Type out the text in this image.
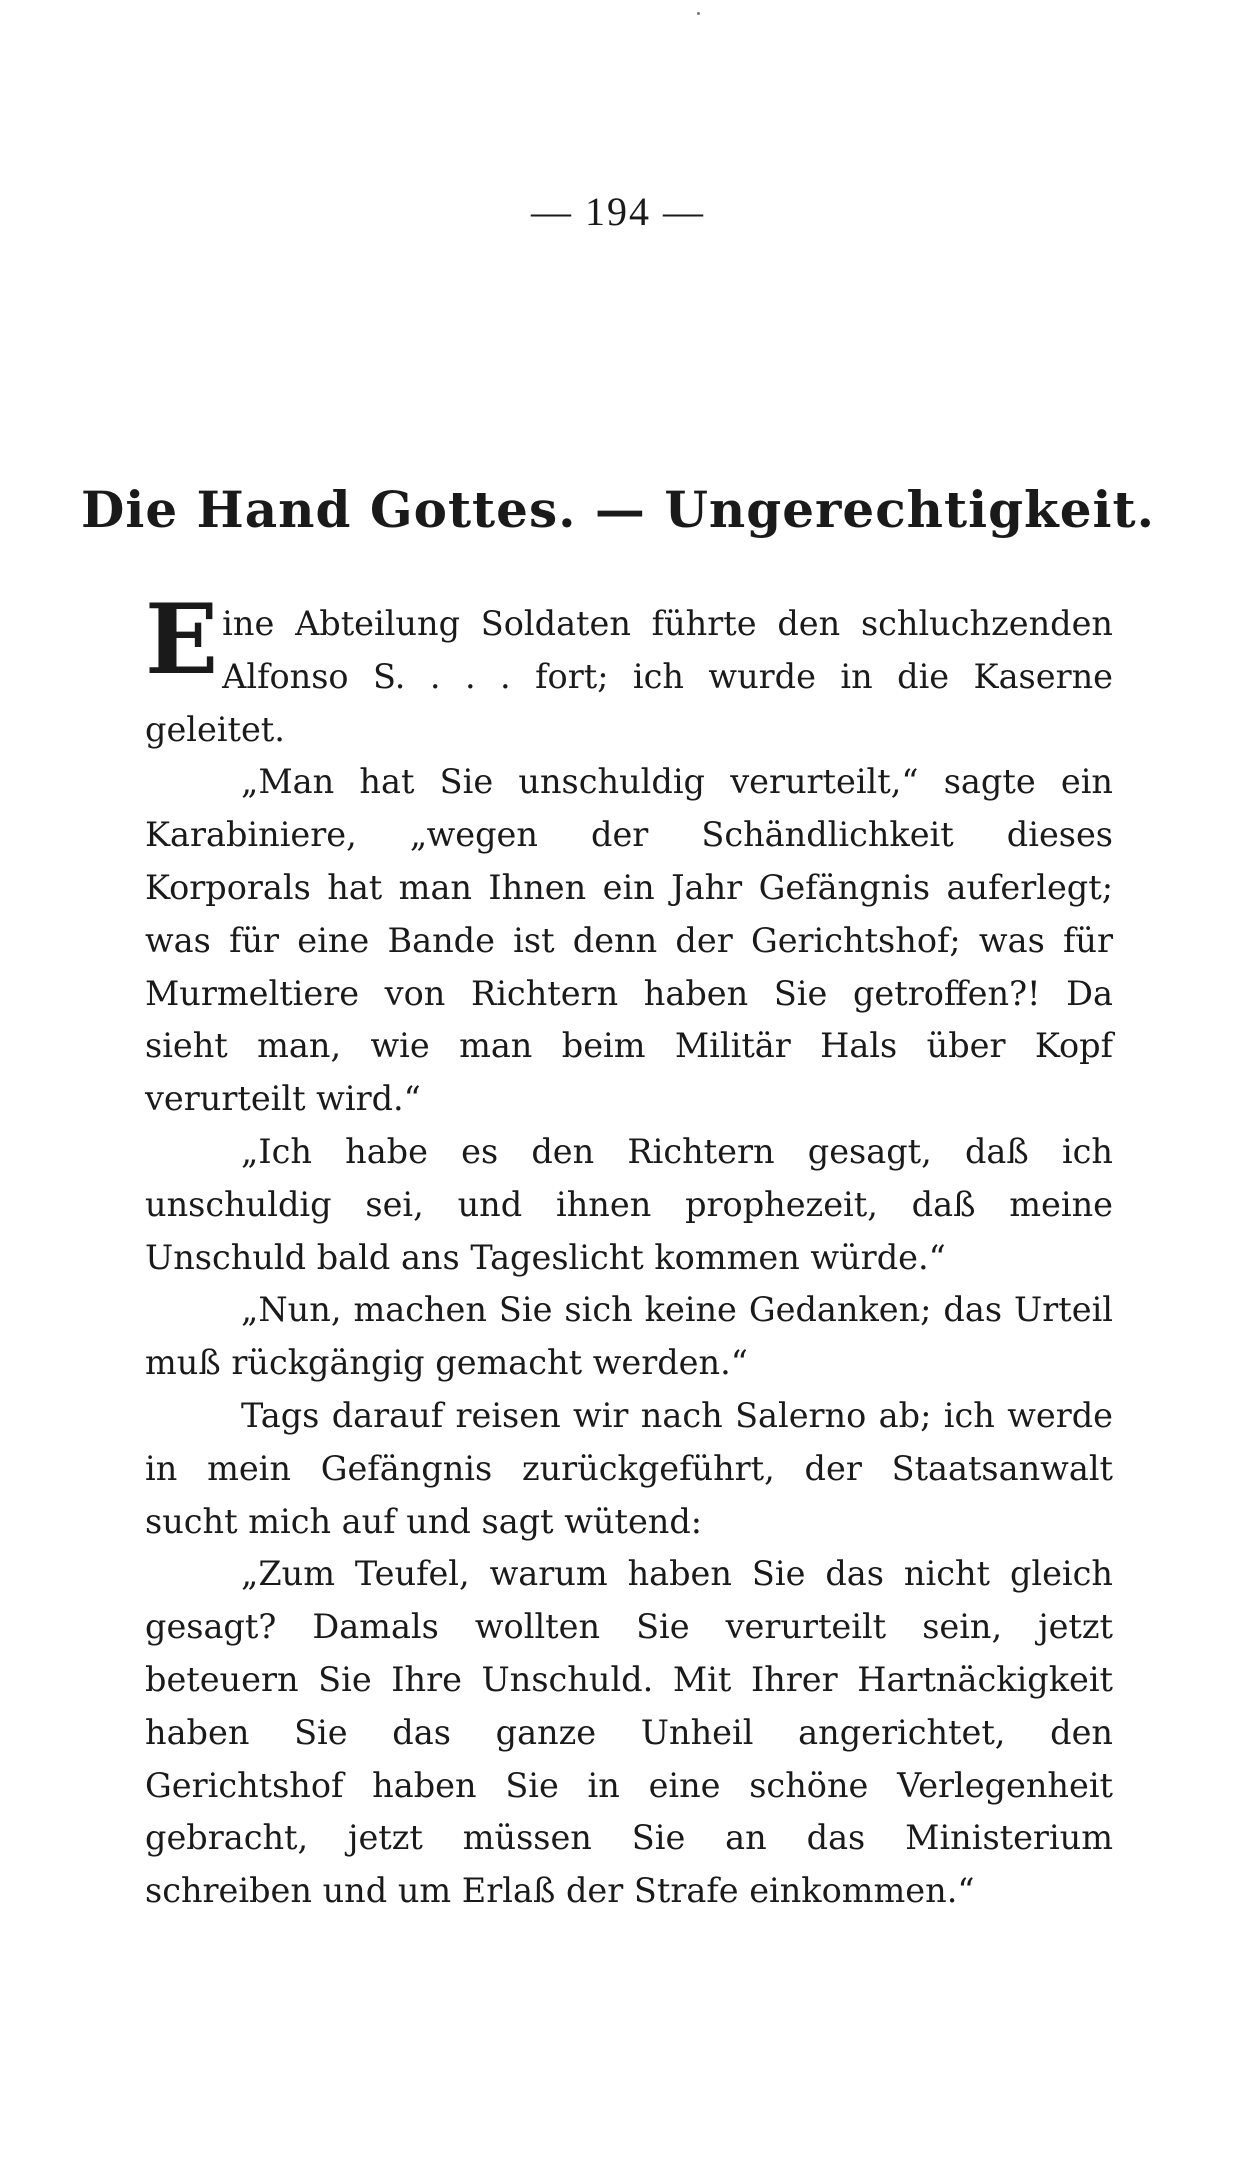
— 194 —
Die Hand Gottes. — Ungerechtigkeit.

Eine Abteilung Soldaten führte den schluchzenden Alfonso S. . . . fort; ich wurde in die Kaserne geleitet.

„Man hat Sie unschuldig verurteilt,“ sagte ein Karabiniere, „wegen der Schändlichkeit dieses Korporals hat man Ihnen ein Jahr Gefängnis auferlegt; was für eine Bande ist denn der Gerichtshof; was für Murmeltiere von Richtern haben Sie getroffen?! Da sieht man, wie man beim Militär Hals über Kopf verurteilt wird.“

„Ich habe es den Richtern gesagt, daß ich unschuldig sei, und ihnen prophezeit, daß meine Unschuld bald ans Tageslicht kommen würde.“

„Nun, machen Sie sich keine Gedanken; das Urteil muß rückgängig gemacht werden.“

Tags darauf reisen wir nach Salerno ab; ich werde in mein Gefängnis zurückgeführt, der Staatsanwalt sucht mich auf und sagt wütend:

„Zum Teufel, warum haben Sie das nicht gleich gesagt? Damals wollten Sie verurteilt sein, jetzt beteuern Sie Ihre Unschuld. Mit Ihrer Hartnäckigkeit haben Sie das ganze Unheil angerichtet, den Gerichtshof haben Sie in eine schöne Verlegenheit gebracht, jetzt müssen Sie an das Ministerium schreiben und um Erlaß der Strafe einkommen.“
